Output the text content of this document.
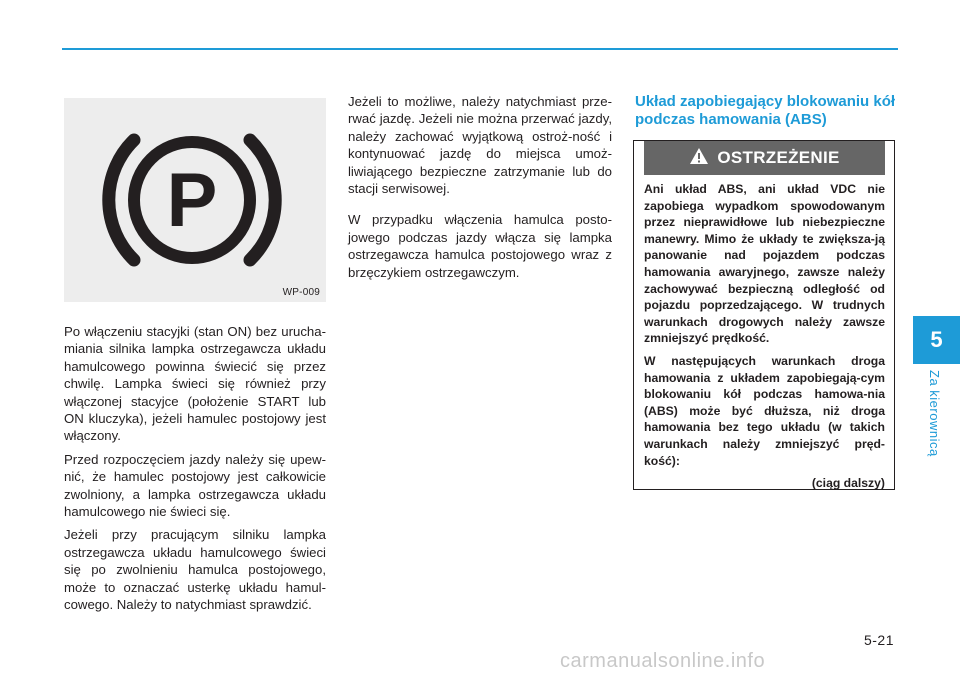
P
WP-009

Po włączeniu stacyjki (stan ON) bez urucha-miania silnika lampka ostrzegawcza układu hamulcowego powinna świecić się przez chwilę. Lampka świeci się również przy włączonej stacyjce (położenie START lub ON kluczyka), jeżeli hamulec postojowy jest włączony.

Przed rozpoczęciem jazdy należy się upew-nić, że hamulec postojowy jest całkowicie zwolniony, a lampka ostrzegawcza układu hamulcowego nie świeci się.

Jeżeli przy pracującym silniku lampka ostrzegawcza układu hamulcowego świeci się po zwolnieniu hamulca postojowego, może to oznaczać usterkę układu hamul-cowego. Należy to natychmiast sprawdzić.

Jeżeli to możliwe, należy natychmiast prze-rwać jazdę. Jeżeli nie można przerwać jazdy, należy zachować wyjątkową ostroż-ność i kontynuować jazdę do miejsca umoż-liwiającego bezpieczne zatrzymanie lub do stacji serwisowej.

W przypadku włączenia hamulca posto-jowego podczas jazdy włącza się lampka ostrzegawcza hamulca postojowego wraz z brzęczykiem ostrzegawczym.

Układ zapobiegający blokowaniu kół podczas hamowania (ABS)
OSTRZEŻENIE

Ani układ ABS, ani układ VDC nie zapobiega wypadkom spowodowanym przez nieprawidłowe lub niebezpieczne manewry. Mimo że układy te zwiększa-ją panowanie nad pojazdem podczas hamowania awaryjnego, zawsze należy zachowywać bezpieczną odległość od pojazdu poprzedzającego. W trudnych warunkach drogowych należy zawsze zmniejszyć prędkość.

W następujących warunkach droga hamowania z układem zapobiegają-cym blokowaniu kół podczas hamowa-nia (ABS) może być dłuższa, niż droga hamowania bez tego układu (w takich warunkach należy zmniejszyć pręd-kość):

(ciąg dalszy)

5
Za kierownicą
5-21
carmanualsonline.info
